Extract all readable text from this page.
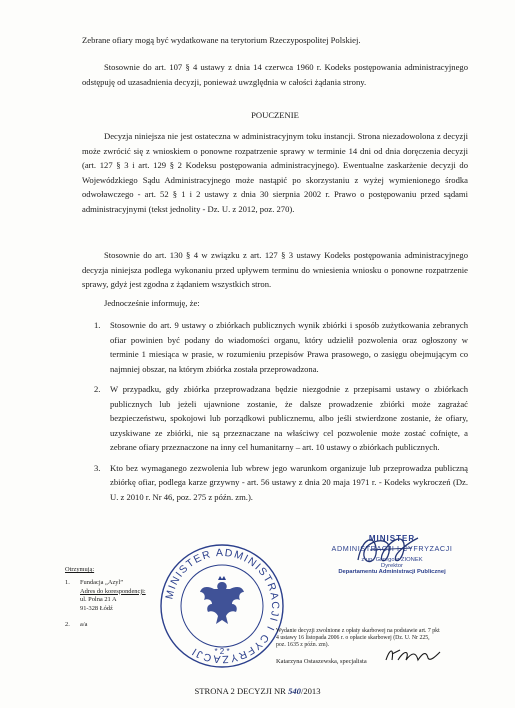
Zebrane ofiary mogą być wydatkowane na terytorium Rzeczypospolitej Polskiej.

Stosownie do art. 107 § 4 ustawy z dnia 14 czerwca 1960 r. Kodeks postępowania administracyjnego odstępuję od uzasadnienia decyzji, ponieważ uwzględnia w całości żądania strony.

POUCZENIE

Decyzja niniejsza nie jest ostateczna w administracyjnym toku instancji. Strona niezadowolona z decyzji może zwrócić się z wnioskiem o ponowne rozpatrzenie sprawy w terminie 14 dni od dnia doręczenia decyzji (art. 127 § 3 i art. 129 § 2 Kodeksu postępowania administracyjnego). Ewentualne zaskarżenie decyzji do Wojewódzkiego Sądu Administracyjnego może nastąpić po skorzystaniu z wyżej wymienionego środka odwoławczego - art. 52 § 1 i 2 ustawy z dnia 30 sierpnia 2002 r. Prawo o postępowaniu przed sądami administracyjnymi (tekst jednolity - Dz. U. z 2012, poz. 270).

Stosownie do art. 130 § 4 w związku z art. 127 § 3 ustawy Kodeks postępowania administracyjnego decyzja niniejsza podlega wykonaniu przed upływem terminu do wniesienia wniosku o ponowne rozpatrzenie sprawy, gdyż jest zgodna z żądaniem wszystkich stron.

Jednocześnie informuję, że:

1. Stosownie do art. 9 ustawy o zbiórkach publicznych wynik zbiórki i sposób zużytkowania zebranych ofiar powinien być podany do wiadomości organu, który udzielił pozwolenia oraz ogłoszony w terminie 1 miesiąca w prasie, w rozumieniu przepisów Prawa prasowego, o zasięgu obejmującym co najmniej obszar, na którym zbiórka została przeprowadzona.
2. W przypadku, gdy zbiórka przeprowadzana będzie niezgodnie z przepisami ustawy o zbiórkach publicznych lub jeżeli ujawnione zostanie, że dalsze prowadzenie zbiórki może zagrażać bezpieczeństwu, spokojowi lub porządkowi publicznemu, albo jeśli stwierdzone zostanie, że ofiary, uzyskiwane ze zbiórki, nie są przeznaczane na właściwy cel pozwolenie może zostać cofnięte, a zebrane ofiary przeznaczone na inny cel humanitarny – art. 10 ustawy o zbiórkach publicznych.
3. Kto bez wymaganego zezwolenia lub wbrew jego warunkom organizuje lub przeprowadza publiczną zbiórkę ofiar, podlega karze grzywny - art. 56 ustawy z dnia 20 maja 1971 r. - Kodeks wykroczeń (Dz. U. z 2010 r. Nr 46, poz. 275 z późn. zm.).
MINISTER
ADMINISTRACJI I CYFRYZACJI
z up. Grzegorz ZIONEK
Dyrektor
Departamentu Administracji Publicznej
MINISTER ADMINISTRACJI I CYFRYZACJI	* 2 *
Otrzymują:
1. Fundacja „Azyl”
Adres do korespondencji:
ul. Polna 21 A
91-328 Łódź
2. a/a
Wydanie decyzji zwolnione z opłaty skarbowej na podstawie art. 7 pkt
4 ustawy 16 listopada 2006 r. o opłacie skarbowej (Dz. U. Nr 225,
poz. 1635 z późn. zm).
Katarzyna Ostaszewska, specjalista
STRONA 2 DECYZJI NR 540/2013
